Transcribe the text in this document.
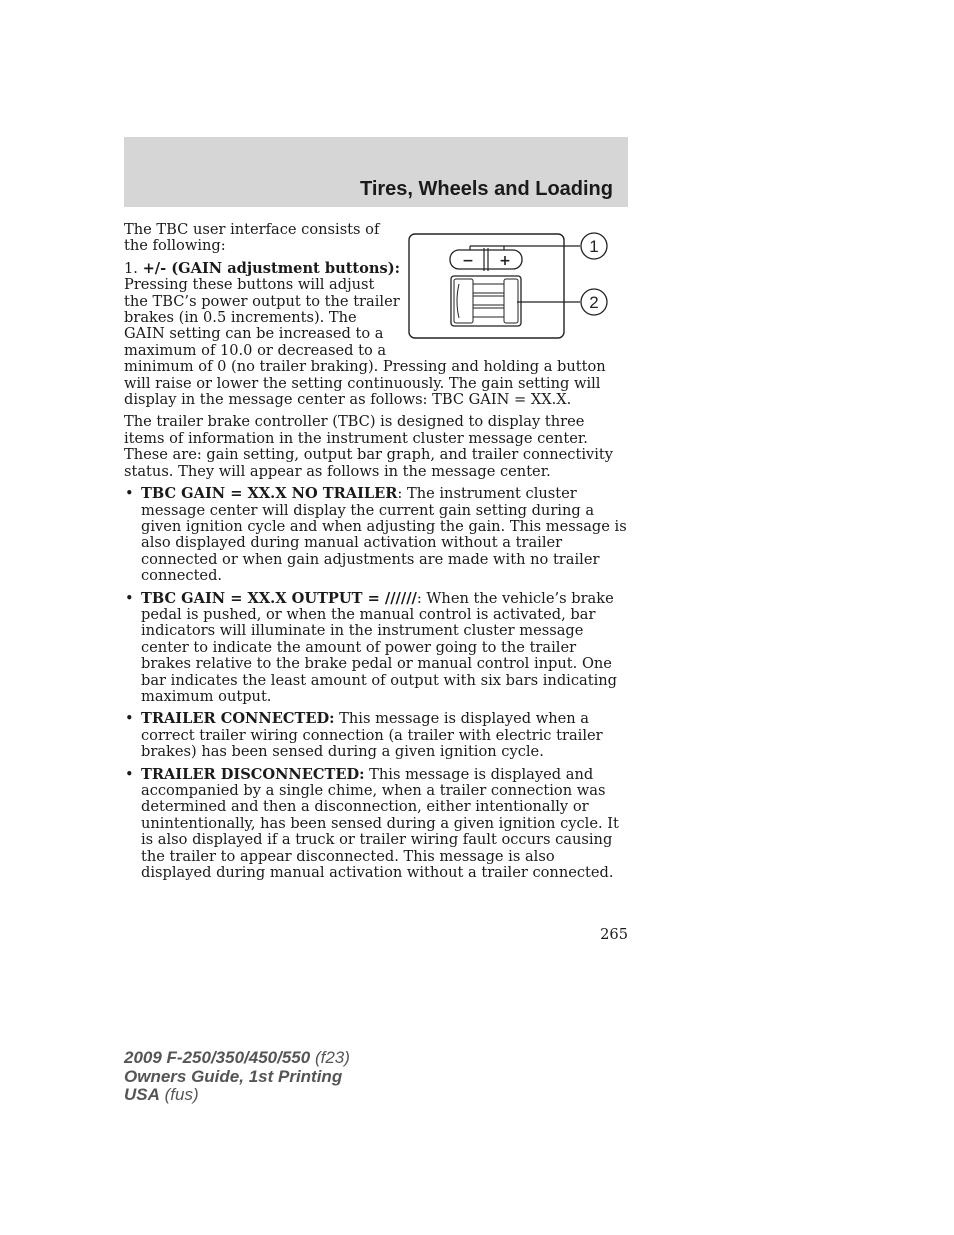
Tires, Wheels and Loading
− +
1
2

The TBC user interface consists of the following:

1. +/- (GAIN adjustment buttons): Pressing these buttons will adjust the TBC’s power output to the trailer brakes (in 0.5 increments). The GAIN setting can be increased to a maximum of 10.0 or decreased to a minimum of 0 (no trailer braking). Pressing and holding a button will raise or lower the setting continuously. The gain setting will display in the message center as follows: TBC GAIN = XX.X.

The trailer brake controller (TBC) is designed to display three items of information in the instrument cluster message center. These are: gain setting, output bar graph, and trailer connectivity status. They will appear as follows in the message center.

• TBC GAIN = XX.X NO TRAILER: The instrument cluster message center will display the current gain setting during a given ignition cycle and when adjusting the gain. This message is also displayed during manual activation without a trailer connected or when gain adjustments are made with no trailer connected.
• TBC GAIN = XX.X OUTPUT = //////: When the vehicle’s brake pedal is pushed, or when the manual control is activated, bar indicators will illuminate in the instrument cluster message center to indicate the amount of power going to the trailer brakes relative to the brake pedal or manual control input. One bar indicates the least amount of output with six bars indicating maximum output.
• TRAILER CONNECTED: This message is displayed when a correct trailer wiring connection (a trailer with electric trailer brakes) has been sensed during a given ignition cycle.
• TRAILER DISCONNECTED: This message is displayed and accompanied by a single chime, when a trailer connection was determined and then a disconnection, either intentionally or unintentionally, has been sensed during a given ignition cycle. It is also displayed if a truck or trailer wiring fault occurs causing the trailer to appear disconnected. This message is also displayed during manual activation without a trailer connected.
265
2009 F-250/350/450/550 (f23)
Owners Guide, 1st Printing
USA (fus)
